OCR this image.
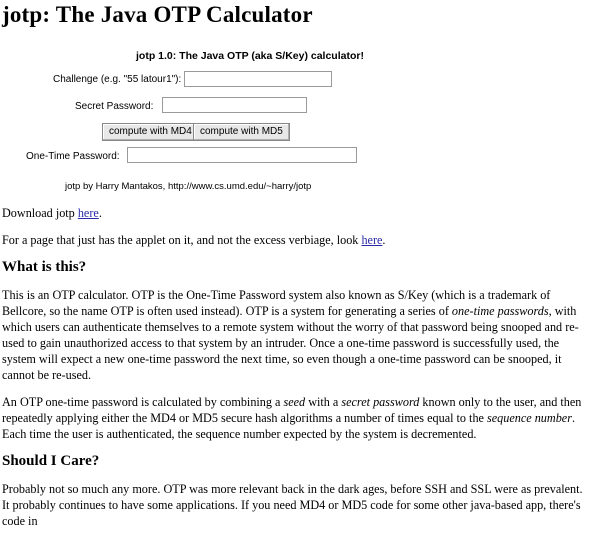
jotp: The Java OTP Calculator
jotp 1.0: The Java OTP (aka S/Key) calculator!
Challenge (e.g. "55 latour1"):
Secret Password:
compute with MD4 compute with MD5
One-Time Password:
jotp by Harry Mantakos, http://www.cs.umd.edu/~harry/jotp

Download jotp here.

For a page that just has the applet on it, and not the excess verbiage, look here.

What is this?

This is an OTP calculator. OTP is the One-Time Password system also known as S/Key (which is a trademark of Bellcore, so the name OTP is often used instead). OTP is a system for generating a series of one-time passwords, with which users can authenticate themselves to a remote system without the worry of that password being snooped and re-used to gain unauthorized access to that system by an intruder. Once a one-time password is successfully used, the system will expect a new one-time password the next time, so even though a one-time password can be snooped, it cannot be re-used.

An OTP one-time password is calculated by combining a seed with a secret password known only to the user, and then repeatedly applying either the MD4 or MD5 secure hash algorithms a number of times equal to the sequence number. Each time the user is authenticated, the sequence number expected by the system is decremented.

Should I Care?

Probably not so much any more. OTP was more relevant back in the dark ages, before SSH and SSL were as prevalent. It probably continues to have some applications. If you need MD4 or MD5 code for some other java-based app, there's code in
